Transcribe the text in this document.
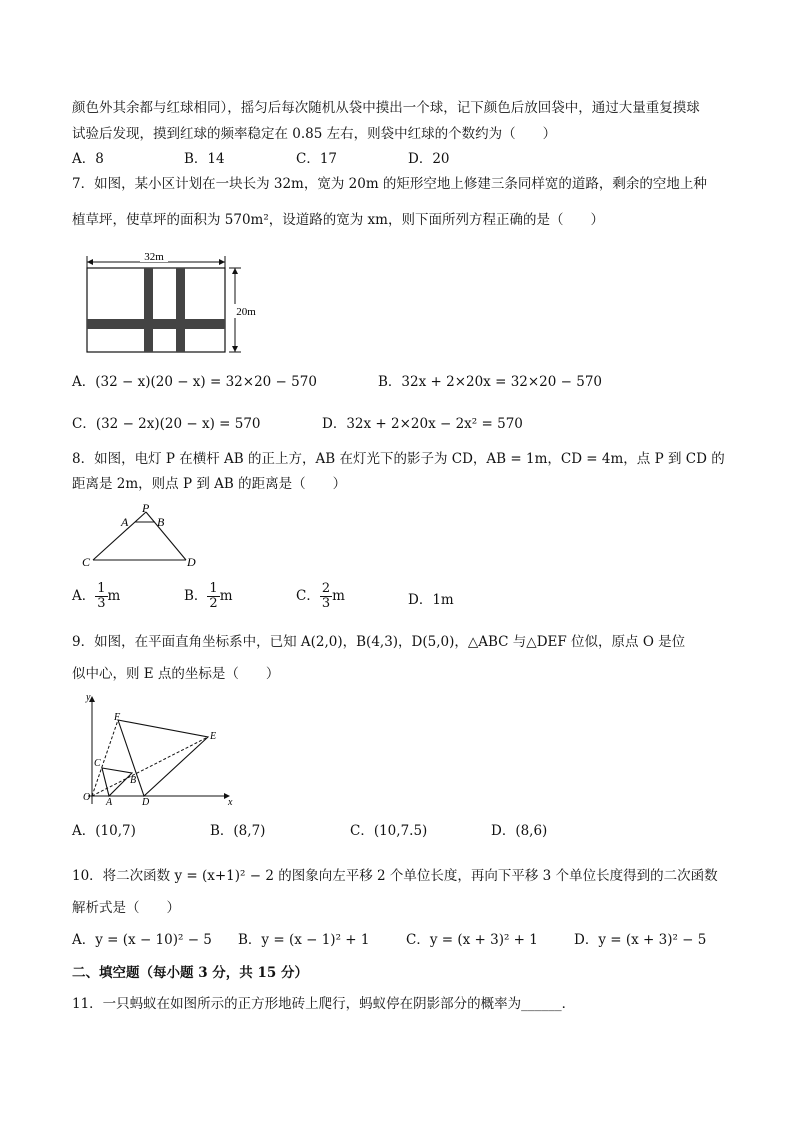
颜色外其余都与红球相同），摇匀后每次随机从袋中摸出一个球，记下颜色后放回袋中，通过大量重复摸球
试验后发现，摸到红球的频率稳定在 0.85 左右，则袋中红球的个数约为（　　）
A．8	B．14	C．17	D．20
7．如图，某小区计划在一块长为 32m，宽为 20m 的矩形空地上修建三条同样宽的道路，剩余的空地上种
植草坪，使草坪的面积为 570m²，设道路的宽为 xm，则下面所列方程正确的是（　　）
32m
20m
A．(32 − x)(20 − x) = 32×20 − 570	B．32x + 2×20x = 32×20 − 570
C．(32 − 2x)(20 − x) = 570	D．32x + 2×20x − 2x² = 570
8．如图，电灯 P 在横杆 AB 的正上方，AB 在灯光下的影子为 CD，AB = 1m，CD = 4m，点 P 到 CD 的
距离是 2m，则点 P 到 AB 的距离是（　　）
P
A B
C	D
A． $\frac{1}{3}$ m	B． $\frac{1}{2}$ m	C． $\frac{2}{3}$ m	D．1m
9．如图，在平面直角坐标系中，已知 A(2,0)，B(4,3)，D(5,0)，△ABC 与△DEF 位似，原点 O 是位
似中心，则 E 点的坐标是（　　）
y
F
E
C
B
O A	D	x
A．(10,7)	B．(8,7)	C．(10,7.5)	D．(8,6)
10．将二次函数 y = (x+1)² − 2 的图象向左平移 2 个单位长度，再向下平移 3 个单位长度得到的二次函数
解析式是（　　）
A．y = (x − 10)² − 5 B．y = (x − 1)² + 1	C．y = (x + 3)² + 1	D．y = (x + 3)² − 5
二、填空题（每小题 3 分，共 15 分）
11．一只蚂蚁在如图所示的正方形地砖上爬行，蚂蚁停在阴影部分的概率为______．
